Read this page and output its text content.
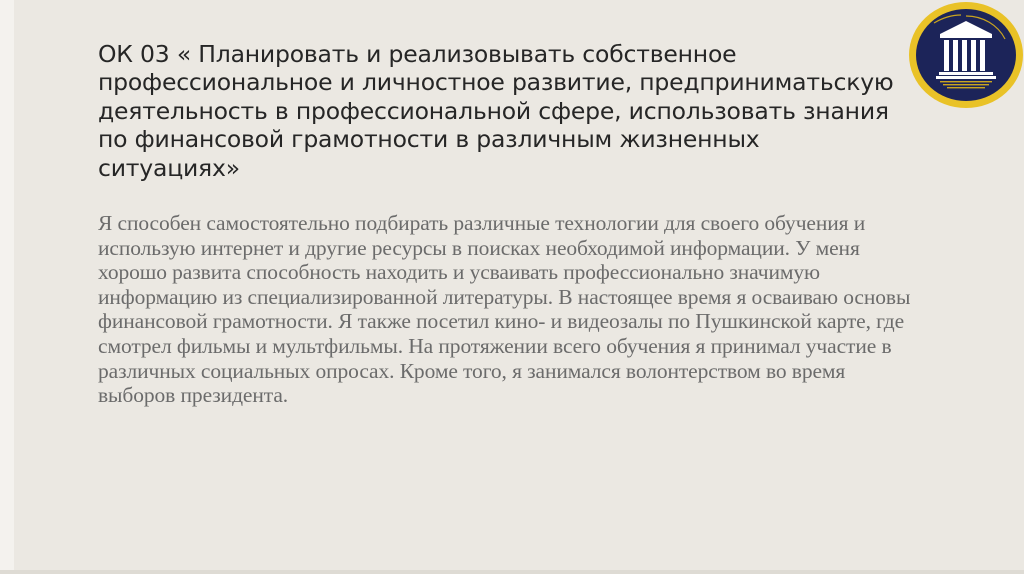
ОК 03 « Планировать и реализовывать собственное профессиональное и личностное развитие, предприниматьскую деятельность в профессиональной сфере, использовать знания по финансовой грамотности в различным жизненных ситуациях»

Я способен самостоятельно подбирать различные технологии для своего обучения и использую интернет и другие ресурсы в поисках необходимой информации. У меня хорошо развита способность находить и усваивать профессионально значимую информацию из специализированной литературы. В настоящее время я осваиваю основы финансовой грамотности. Я также посетил кино- и видеозалы по Пушкинской карте, где смотрел фильмы и мультфильмы. На протяжении всего обучения я принимал участие в различных социальных опросах. Кроме того, я занимался волонтерством во время выборов президента.
